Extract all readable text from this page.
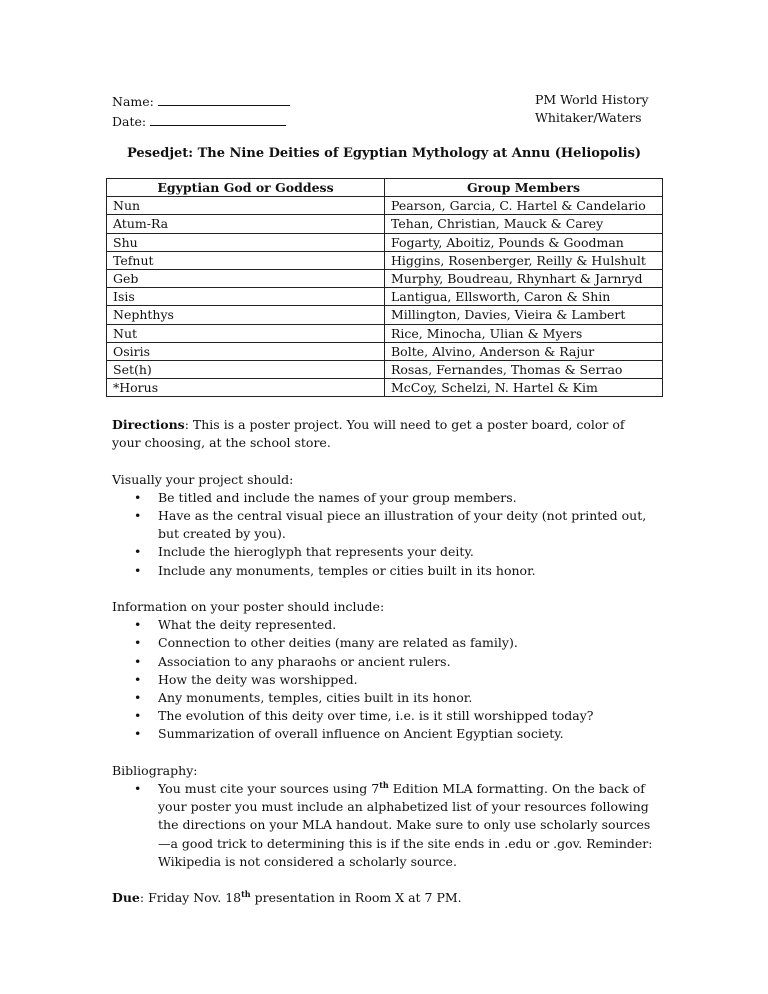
Name:
Date:
PM World History
Whitaker/Waters
Pesedjet: The Nine Deities of Egyptian Mythology at Annu (Heliopolis)
Egyptian God or Goddess	Group Members
Nun	Pearson, Garcia, C. Hartel & Candelario
Atum-Ra	Tehan, Christian, Mauck & Carey
Shu	Fogarty, Aboitiz, Pounds & Goodman
Tefnut	Higgins, Rosenberger, Reilly & Hulshult
Geb	Murphy, Boudreau, Rhynhart & Jarnryd
Isis	Lantigua, Ellsworth, Caron & Shin
Nephthys	Millington, Davies, Vieira & Lambert
Nut	Rice, Minocha, Ulian & Myers
Osiris	Bolte, Alvino, Anderson & Rajur
Set(h)	Rosas, Fernandes, Thomas & Serrao
*Horus	McCoy, Schelzi, N. Hartel & Kim

Directions: This is a poster project. You will need to get a poster board, color of your choosing, at the school store.

Visually your project should:

• Be titled and include the names of your group members.
• Have as the central visual piece an illustration of your deity (not printed out, but created by you).
• Include the hieroglyph that represents your deity.
• Include any monuments, temples or cities built in its honor.

Information on your poster should include:

• What the deity represented.
• Connection to other deities (many are related as family).
• Association to any pharaohs or ancient rulers.
• How the deity was worshipped.
• Any monuments, temples, cities built in its honor.
• The evolution of this deity over time, i.e. is it still worshipped today?
• Summarization of overall influence on Ancient Egyptian society.

Bibliography:

• You must cite your sources using 7th Edition MLA formatting. On the back of your poster you must include an alphabetized list of your resources following the directions on your MLA handout. Make sure to only use scholarly sources—a good trick to determining this is if the site ends in .edu or .gov. Reminder: Wikipedia is not considered a scholarly source.

Due: Friday Nov. 18th presentation in Room X at 7 PM.
